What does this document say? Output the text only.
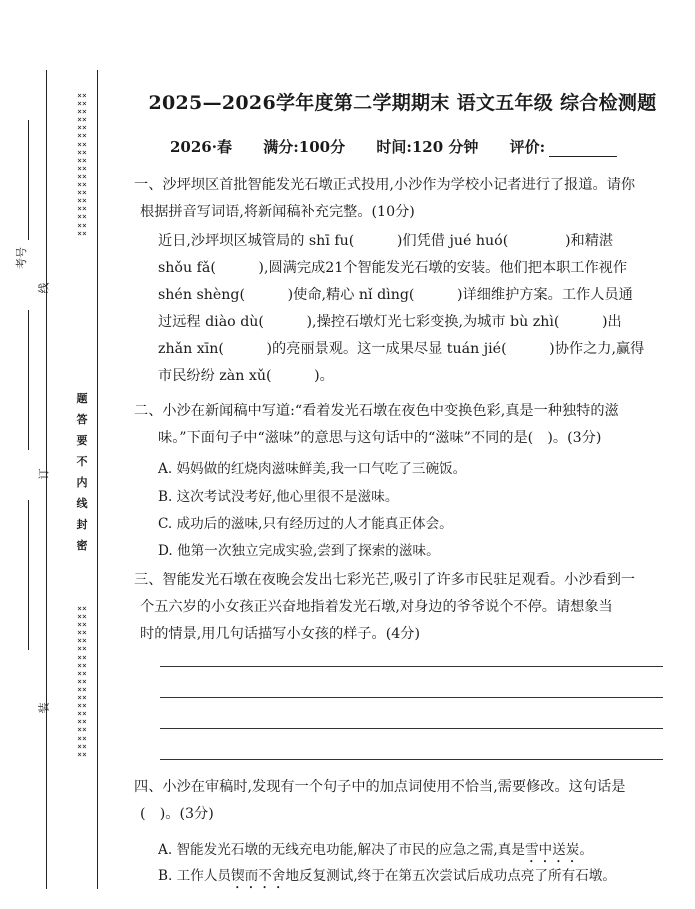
××××××××××××××××××××××××××××××××××××
题
答
要
不
内
线
封
密
××××××××××××××××××××××××××××××××××××××
考号
线
订
装
2025—2026学年度第二学期期末 语文五年级 综合检测题
2026·春 满分:100分 时间:120 分钟 评价:
一、沙坪坝区首批智能发光石墩正式投用,小沙作为学校小记者进行了报道。请你
根据拼音写词语,将新闻稿补充完整。(10分)
近日,沙坪坝区城管局的 shī fu(　　　)们凭借 jué huó(　　　　)和精湛
shǒu fǎ(　　　),圆满完成21个智能发光石墩的安装。他们把本职工作视作
shén shèng(　　　)使命,精心 nǐ dìng(　　　)详细维护方案。工作人员通
过远程 diào dù(　　　),操控石墩灯光七彩变换,为城市 bù zhì(　　　)出
zhǎn xīn(　　　)的亮丽景观。这一成果尽显 tuán jié(　　　)协作之力,赢得
市民纷纷 zàn xǔ(　　　)。
二、小沙在新闻稿中写道:“看着发光石墩在夜色中变换色彩,真是一种独特的滋
味。”下面句子中“滋味”的意思与这句话中的“滋味”不同的是(　)。(3分)
A. 妈妈做的红烧肉滋味鲜美,我一口气吃了三碗饭。
B. 这次考试没考好,他心里很不是滋味。
C. 成功后的滋味,只有经历过的人才能真正体会。
D. 他第一次独立完成实验,尝到了探索的滋味。
三、智能发光石墩在夜晚会发出七彩光芒,吸引了许多市民驻足观看。小沙看到一
个五六岁的小女孩正兴奋地指着发光石墩,对身边的爷爷说个不停。请想象当
时的情景,用几句话描写小女孩的样子。(4分)
四、小沙在审稿时,发现有一个句子中的加点词使用不恰当,需要修改。这句话是
(　)。(3分)
A. 智能发光石墩的无线充电功能,解决了市民的应急之需,真是雪中送炭。
B. 工作人员锲而不舍地反复测试,终于在第五次尝试后成功点亮了所有石墩。
